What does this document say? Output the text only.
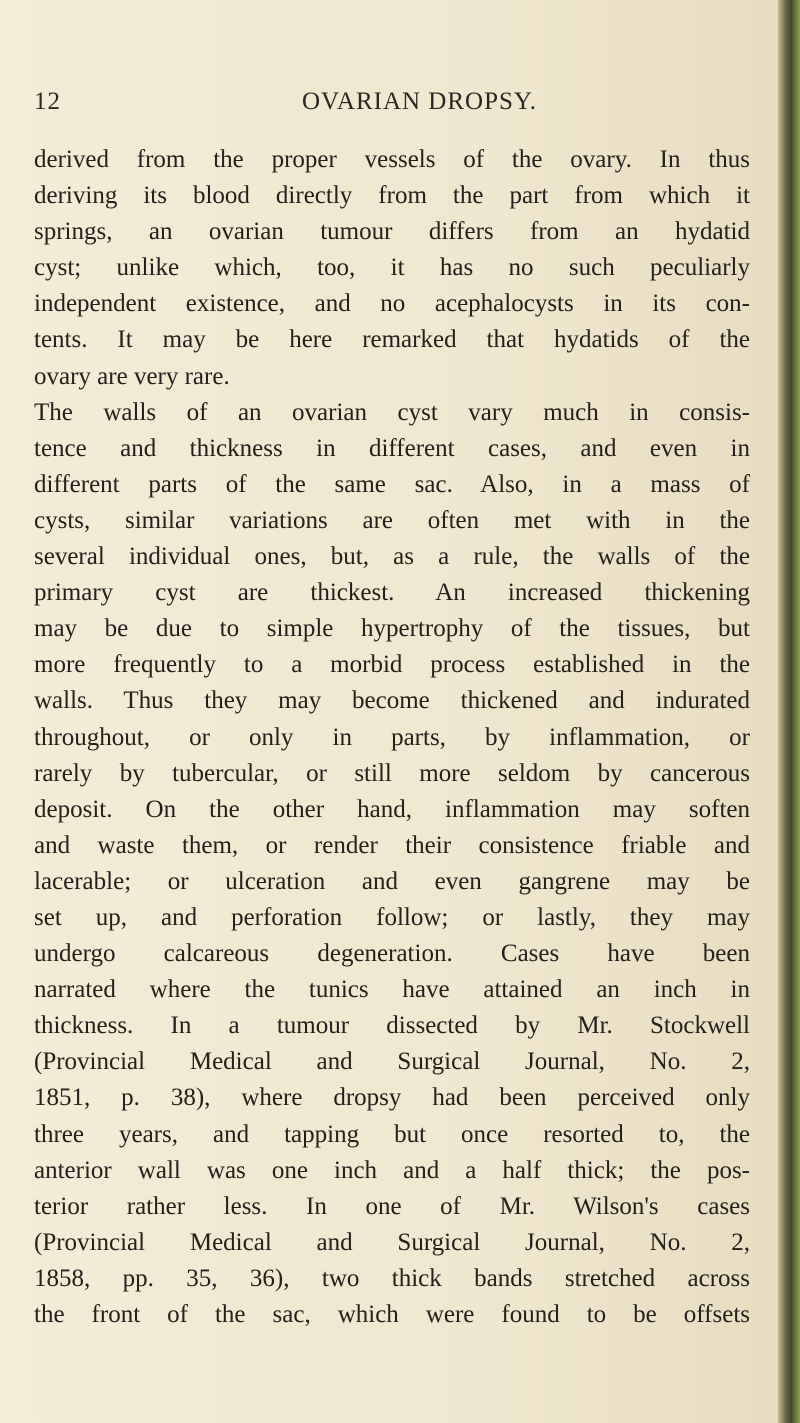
12	OVARIAN DROPSY.
derived from the proper vessels of the ovary. In thus
deriving its blood directly from the part from which it
springs, an ovarian tumour differs from an hydatid
cyst; unlike which, too, it has no such peculiarly
independent existence, and no acephalocysts in its con-
tents. It may be here remarked that hydatids of the
ovary are very rare.
The walls of an ovarian cyst vary much in consis-
tence and thickness in different cases, and even in
different parts of the same sac. Also, in a mass of
cysts, similar variations are often met with in the
several individual ones, but, as a rule, the walls of the
primary cyst are thickest. An increased thickening
may be due to simple hypertrophy of the tissues, but
more frequently to a morbid process established in the
walls. Thus they may become thickened and indurated
throughout, or only in parts, by inflammation, or
rarely by tubercular, or still more seldom by cancerous
deposit. On the other hand, inflammation may soften
and waste them, or render their consistence friable and
lacerable; or ulceration and even gangrene may be
set up, and perforation follow; or lastly, they may
undergo calcareous degeneration. Cases have been
narrated where the tunics have attained an inch in
thickness. In a tumour dissected by Mr. Stockwell
(Provincial Medical and Surgical Journal, No. 2,
1851, p. 38), where dropsy had been perceived only
three years, and tapping but once resorted to, the
anterior wall was one inch and a half thick; the pos-
terior rather less. In one of Mr. Wilson's cases
(Provincial Medical and Surgical Journal, No. 2,
1858, pp. 35, 36), two thick bands stretched across
the front of the sac, which were found to be offsets
